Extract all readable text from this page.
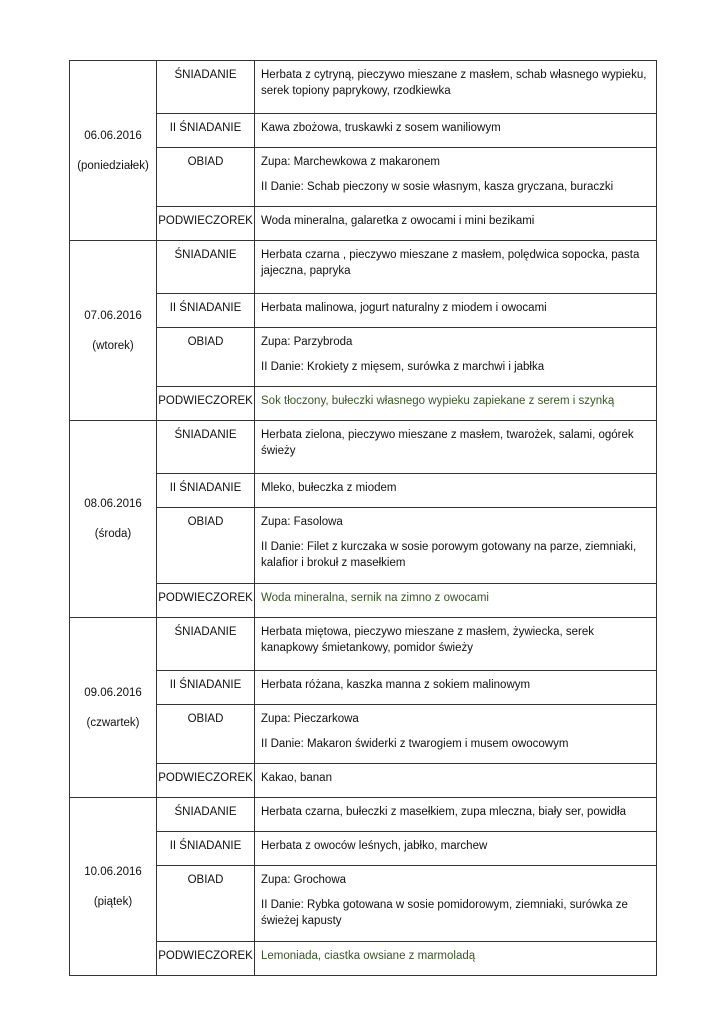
06.06.2016
(poniedziałek)	ŚNIADANIE	Herbata z cytryną, pieczywo mieszane z masłem, schab własnego wypieku, serek topiony paprykowy, rzodkiewka

	II ŚNIADANIE	Kawa zbożowa, truskawki z sosem waniliowym

	OBIAD	Zupa: Marchewkowa z makaronem
II Danie: Schab pieczony w sosie własnym, kasza gryczana, buraczki

	PODWIECZOREK	Woda mineralna, galaretka z owocami i mini bezikami

07.06.2016
(wtorek)	ŚNIADANIE	Herbata czarna , pieczywo mieszane z masłem, polędwica sopocka, pasta jajeczna, papryka

	II ŚNIADANIE	Herbata malinowa, jogurt naturalny z miodem i owocami

	OBIAD	Zupa: Parzybroda
II Danie: Krokiety z mięsem, surówka z marchwi i jabłka

	PODWIECZOREK	Sok tłoczony, bułeczki własnego wypieku zapiekane z serem i szynką

08.06.2016
(środa)	ŚNIADANIE	Herbata zielona, pieczywo mieszane z masłem, twarożek, salami, ogórek świeży

	II ŚNIADANIE	Mleko, bułeczka z miodem

	OBIAD	Zupa: Fasolowa
II Danie: Filet z kurczaka w sosie porowym gotowany na parze, ziemniaki, kalafior i brokuł z masełkiem

	PODWIECZOREK	Woda mineralna, sernik na zimno z owocami

09.06.2016
(czwartek)	ŚNIADANIE	Herbata miętowa, pieczywo mieszane z masłem, żywiecka, serek kanapkowy śmietankowy, pomidor świeży

	II ŚNIADANIE	Herbata różana, kaszka manna z sokiem malinowym

	OBIAD	Zupa: Pieczarkowa
II Danie: Makaron świderki z twarogiem i musem owocowym

	PODWIECZOREK	Kakao, banan

10.06.2016
(piątek)	ŚNIADANIE	Herbata czarna, bułeczki z masełkiem, zupa mleczna, biały ser, powidła

	II ŚNIADANIE	Herbata z owoców leśnych, jabłko, marchew

	OBIAD	Zupa: Grochowa
II Danie: Rybka gotowana w sosie pomidorowym, ziemniaki, surówka ze świeżej kapusty

	PODWIECZOREK	Lemoniada, ciastka owsiane z marmoladą
